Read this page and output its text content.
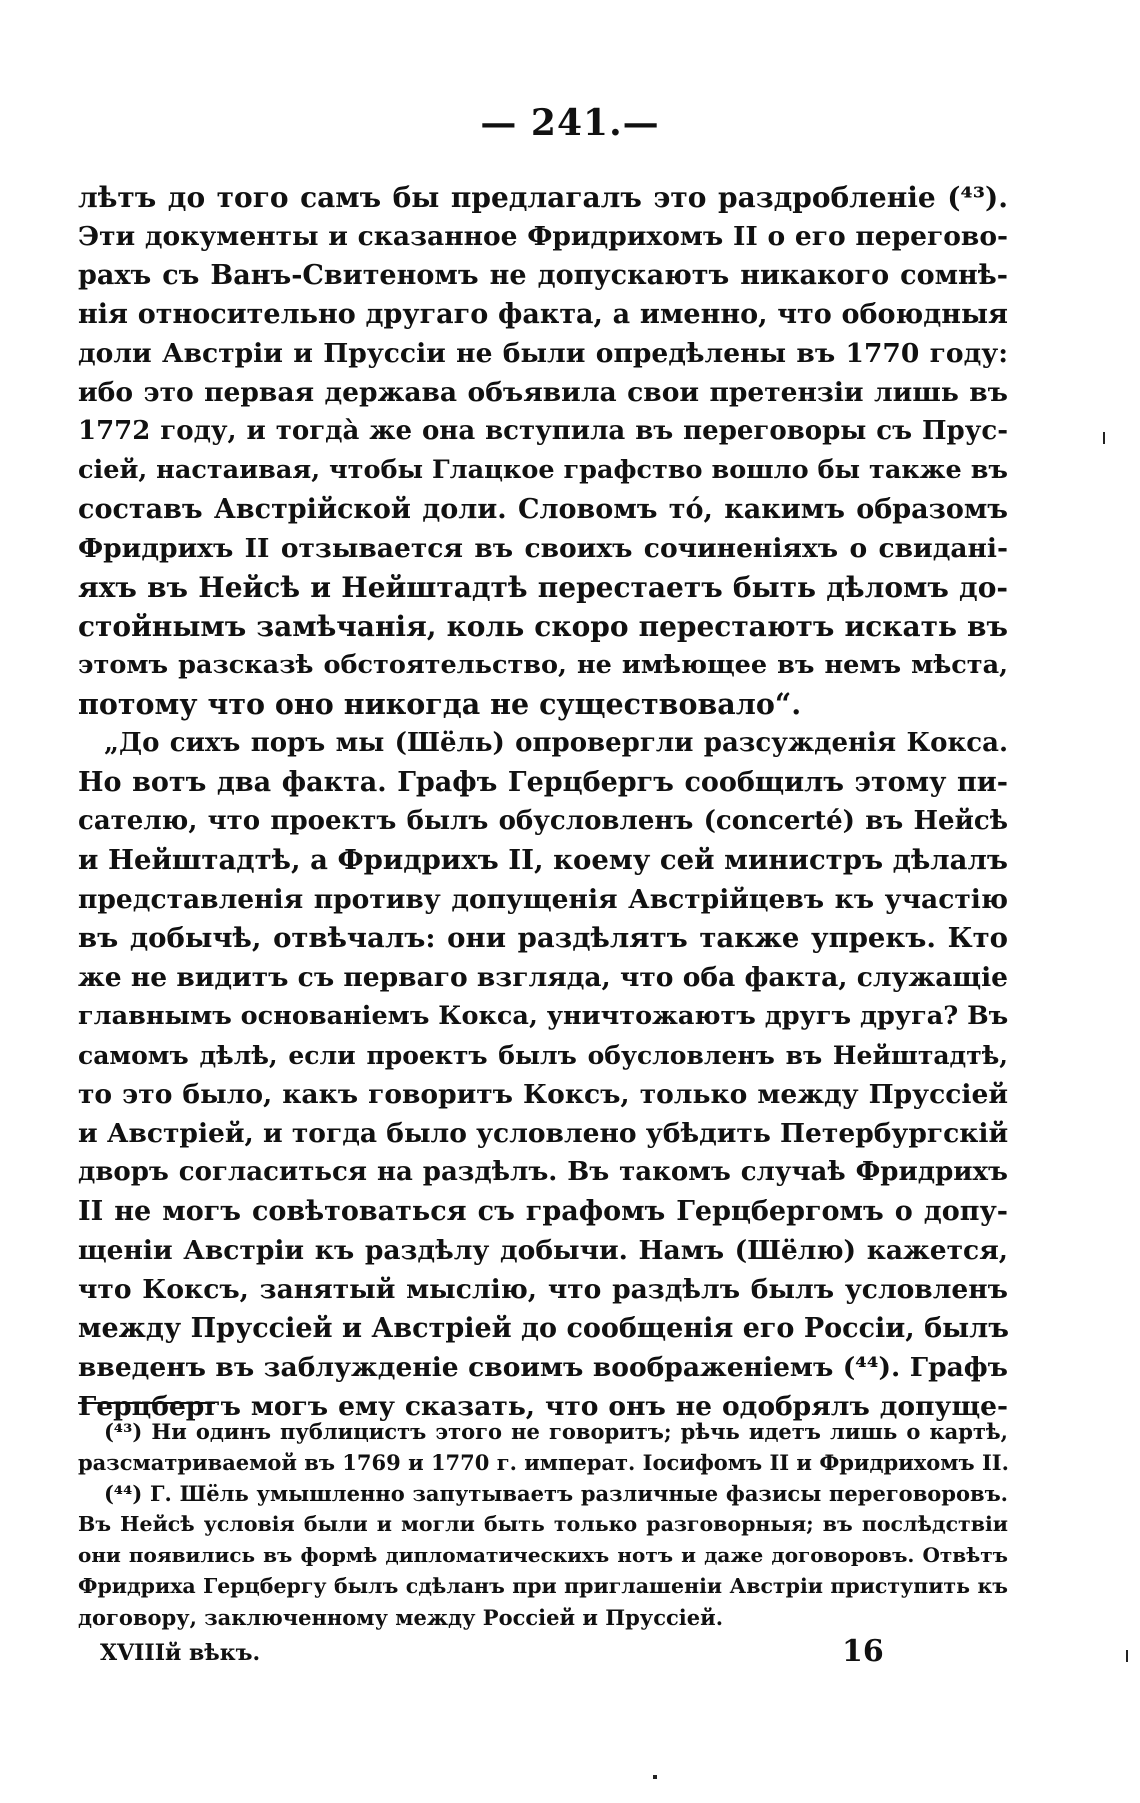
— 241.—
лѣтъ до того самъ бы предлагалъ это раздробленіе (⁴³).
Эти документы и сказанное Фридрихомъ II о его перегово-
рахъ съ Ванъ-Свитеномъ не допускаютъ никакого сомнѣ-
нія относительно другаго факта, а именно, что обоюдныя
доли Австріи и Пруссіи не были опредѣлены въ 1770 году:
ибо это первая держава объявила свои претензіи лишь въ
1772 году, и тогдà же она вступила въ переговоры съ Прус-
сіей, настаивая, чтобы Глацкое графство вошло бы также въ
составъ Австрійской доли. Словомъ тó, какимъ образомъ
Фридрихъ II отзывается въ своихъ сочиненіяхъ о свидані-
яхъ въ Нейсѣ и Нейштадтѣ перестаетъ быть дѣломъ до-
стойнымъ замѣчанія, коль скоро перестаютъ искать въ
этомъ разсказѣ обстоятельство, не имѣющее въ немъ мѣста,
потому что оно никогда не существовало“.
„До сихъ поръ мы (Шёль) опровергли разсужденія Кокса.
Но вотъ два факта. Графъ Герцбергъ сообщилъ этому пи-
сателю, что проектъ былъ обусловленъ (concerté) въ Нейсѣ
и Нейштадтѣ, а Фридрихъ II, коему сей министръ дѣлалъ
представленія противу допущенія Австрійцевъ къ участію
въ добычѣ, отвѣчалъ: они раздѣлятъ также упрекъ. Кто
же не видитъ съ перваго взгляда, что оба факта, служащіе
главнымъ основаніемъ Кокса, уничтожаютъ другъ друга? Въ
самомъ дѣлѣ, если проектъ былъ обусловленъ въ Нейштадтѣ,
то это было, какъ говоритъ Коксъ, только между Пруссіей
и Австріей, и тогда было условлено убѣдить Петербургскій
дворъ согласиться на раздѣлъ. Въ такомъ случаѣ Фридрихъ
II не могъ совѣтоваться съ графомъ Герцбергомъ о допу-
щеніи Австріи къ раздѣлу добычи. Намъ (Шёлю) кажется,
что Коксъ, занятый мыслію, что раздѣлъ былъ условленъ
между Пруссіей и Австріей до сообщенія его Россіи, былъ
введенъ въ заблужденіе своимъ воображеніемъ (⁴⁴). Графъ
Герцбергъ могъ ему сказать, что онъ не одобрялъ допуще-
(⁴³) Ни одинъ публицистъ этого не говоритъ; рѣчь идетъ лишь о картѣ,
разсматриваемой въ 1769 и 1770 г. императ. Іосифомъ II и Фридрихомъ II.
(⁴⁴) Г. Шёль умышленно запутываетъ различные фазисы переговоровъ.
Въ Нейсѣ условія были и могли быть только разговорныя; въ послѣдствіи
они появились въ формѣ дипломатическихъ нотъ и даже договоровъ. Отвѣтъ
Фридриха Герцбергу былъ сдѣланъ при приглашеніи Австріи приступить къ
договору, заключенному между Россіей и Пруссіей.
XVIIIй вѣкъ.	16
